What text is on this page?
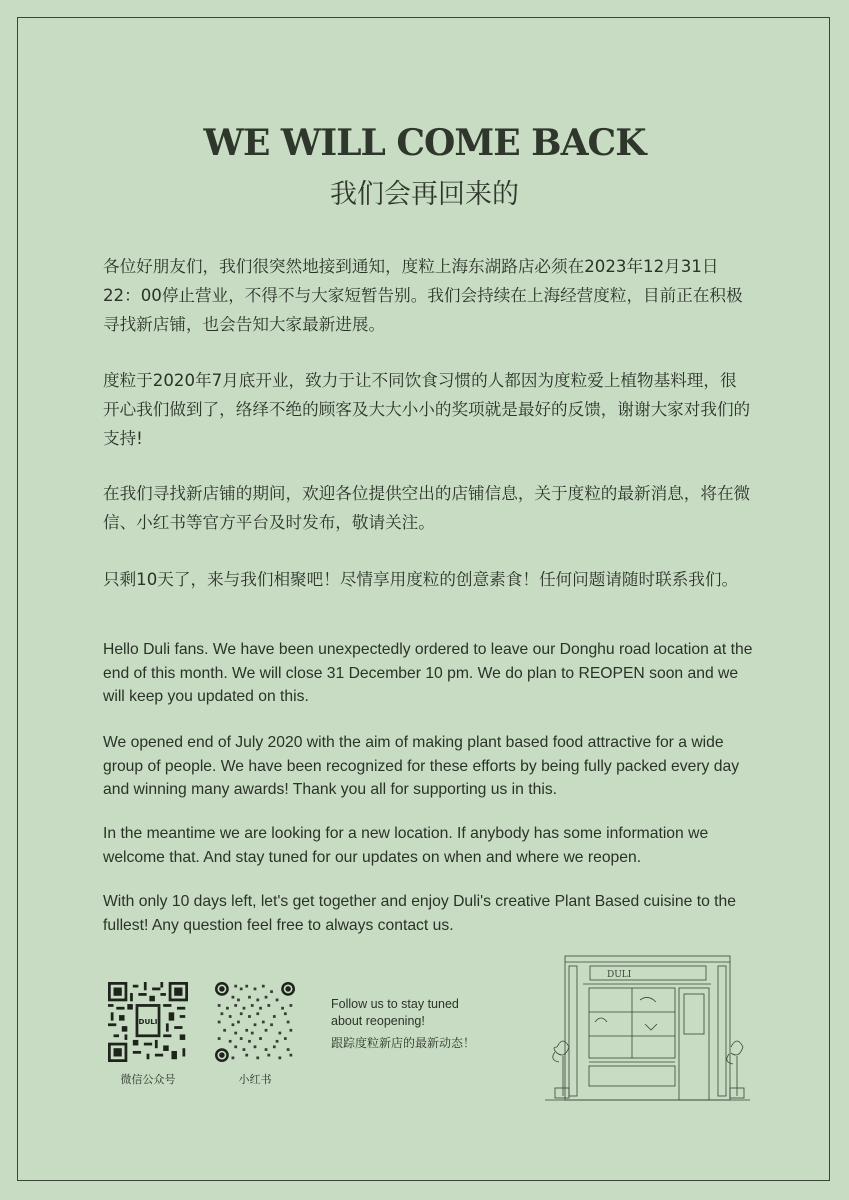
WE WILL COME BACK
我们会再回来的
各位好朋友们，我们很突然地接到通知，度粒上海东湖路店必须在2023年12月31日22：00停止营业，不得不与大家短暂告别。我们会持续在上海经营度粒，目前正在积极寻找新店铺，也会告知大家最新进展。
度粒于2020年7月底开业，致力于让不同饮食习惯的人都因为度粒爱上植物基料理，很开心我们做到了，络绎不绝的顾客及大大小小的奖项就是最好的反馈，谢谢大家对我们的支持!
在我们寻找新店铺的期间，欢迎各位提供空出的店铺信息，关于度粒的最新消息，将在微信、小红书等官方平台及时发布，敬请关注。
只剩10天了，来与我们相聚吧！尽情享用度粒的创意素食！任何问题请随时联系我们。
Hello Duli fans. We have been unexpectedly ordered to leave our Donghu road location at the end of this month. We will close 31 December 10 pm. We do plan to REOPEN soon and we will keep you updated on this.
We opened end of July 2020 with the aim of making plant based food attractive for a wide group of people. We have been recognized for these efforts by being fully packed every day and winning many awards! Thank you all for supporting us in this.
In the meantime we are looking for a new location. If anybody has some information we welcome that. And stay tuned for our updates on when and where we reopen.
With only 10 days left, let's get together and enjoy Duli's creative Plant Based cuisine to the fullest! Any question feel free to always contact us.
DULI
微信公众号	小红书
Follow us to stay tuned about reopening!
跟踪度粒新店的最新动态！
DULI
